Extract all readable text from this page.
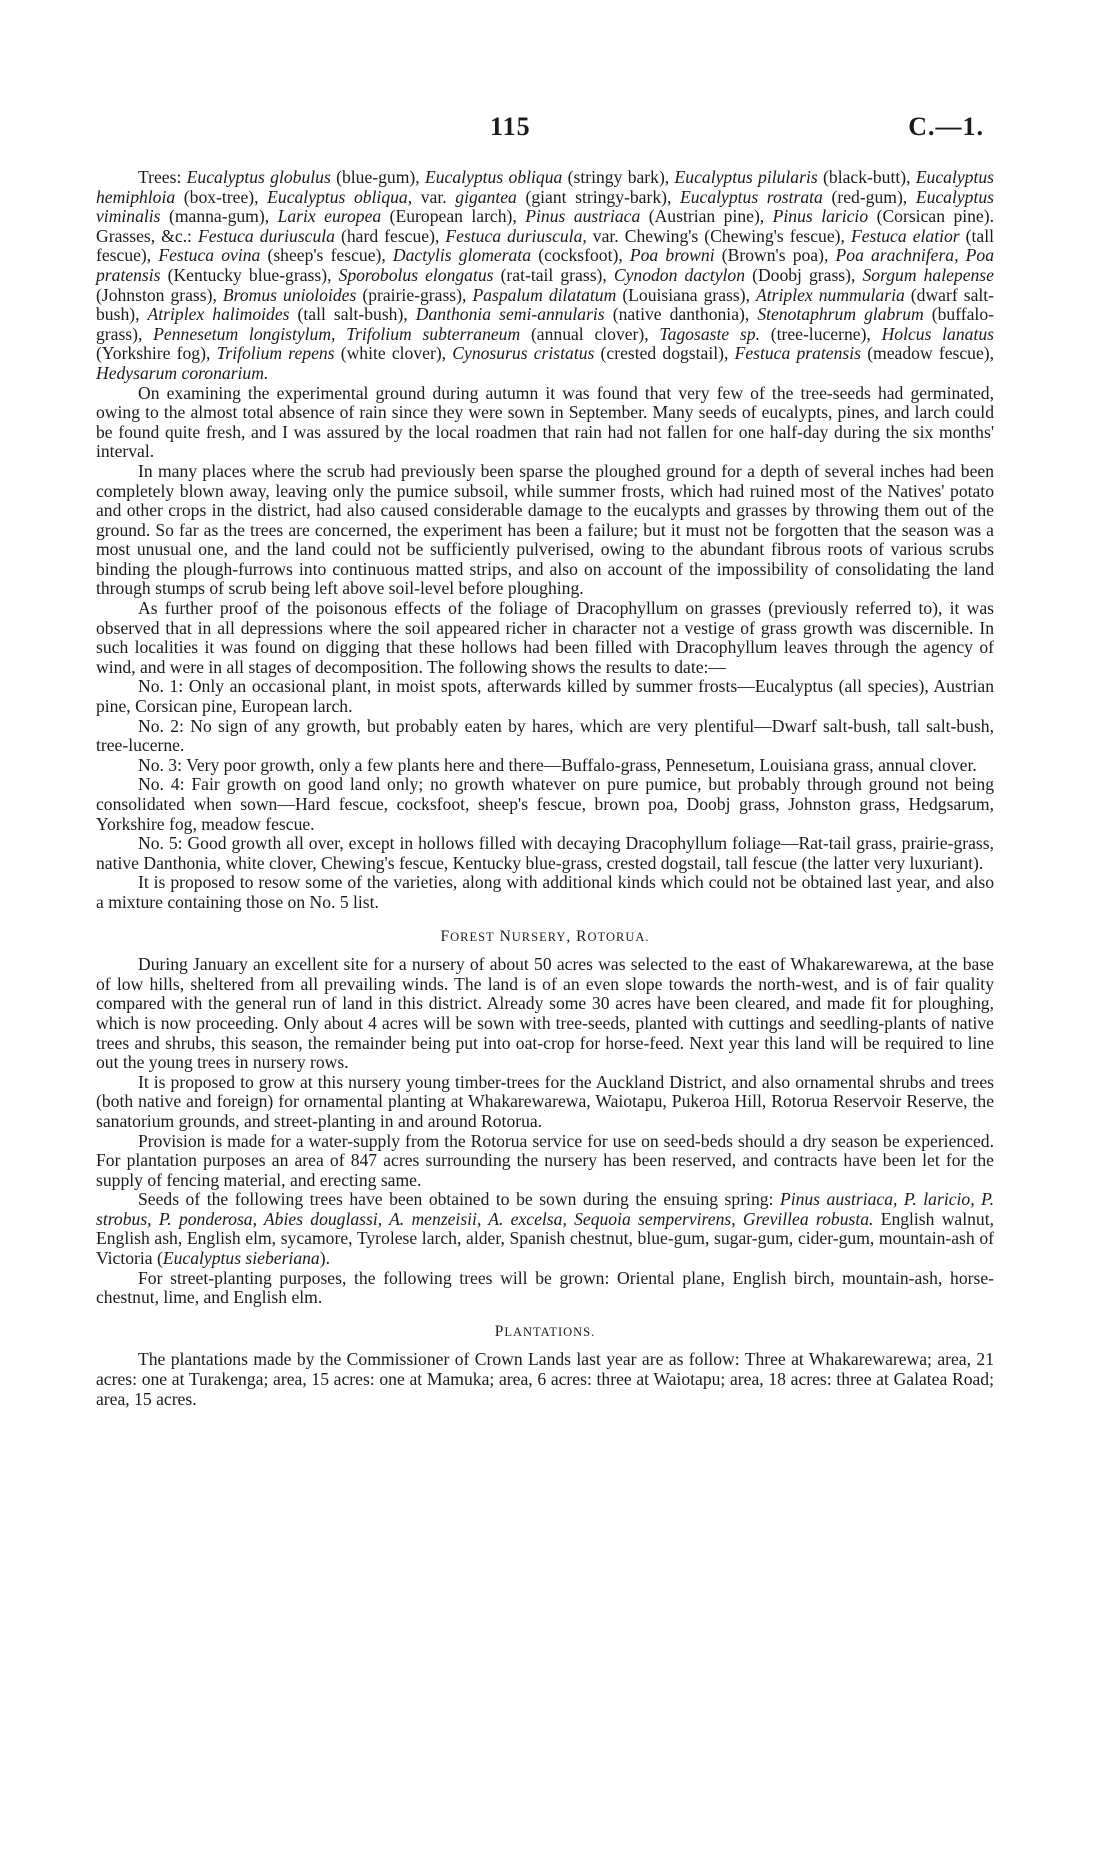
115	C.—1.

Trees: Eucalyptus globulus (blue-gum), Eucalyptus obliqua (stringy bark), Eucalyptus pilularis (black-butt), Eucalyptus hemiphloia (box-tree), Eucalyptus obliqua, var. gigantea (giant stringy-bark), Eucalyptus rostrata (red-gum), Eucalyptus viminalis (manna-gum), Larix europea (European larch), Pinus austriaca (Austrian pine), Pinus laricio (Corsican pine). Grasses, &c.: Festuca duriuscula (hard fescue), Festuca duriuscula, var. Chewing's (Chewing's fescue), Festuca elatior (tall fescue), Festuca ovina (sheep's fescue), Dactylis glomerata (cocksfoot), Poa browni (Brown's poa), Poa arachnifera, Poa pratensis (Kentucky blue-grass), Sporobolus elongatus (rat-tail grass), Cynodon dactylon (Doobj grass), Sorgum halepense (Johnston grass), Bromus unioloides (prairie-grass), Paspalum dilatatum (Louisiana grass), Atriplex nummularia (dwarf salt-bush), Atriplex halimoides (tall salt-bush), Danthonia semi-annularis (native danthonia), Stenotaphrum glabrum (buffalo-grass), Pennesetum longistylum, Trifolium subterraneum (annual clover), Tagosaste sp. (tree-lucerne), Holcus lanatus (Yorkshire fog), Trifolium repens (white clover), Cynosurus cristatus (crested dogstail), Festuca pratensis (meadow fescue), Hedysarum coronarium.

On examining the experimental ground during autumn it was found that very few of the tree-seeds had germinated, owing to the almost total absence of rain since they were sown in September. Many seeds of eucalypts, pines, and larch could be found quite fresh, and I was assured by the local roadmen that rain had not fallen for one half-day during the six months' interval.

In many places where the scrub had previously been sparse the ploughed ground for a depth of several inches had been completely blown away, leaving only the pumice subsoil, while summer frosts, which had ruined most of the Natives' potato and other crops in the district, had also caused considerable damage to the eucalypts and grasses by throwing them out of the ground. So far as the trees are concerned, the experiment has been a failure; but it must not be forgotten that the season was a most unusual one, and the land could not be sufficiently pulverised, owing to the abundant fibrous roots of various scrubs binding the plough-furrows into continuous matted strips, and also on account of the impossibility of consolidating the land through stumps of scrub being left above soil-level before ploughing.

As further proof of the poisonous effects of the foliage of Dracophyllum on grasses (previously referred to), it was observed that in all depressions where the soil appeared richer in character not a vestige of grass growth was discernible. In such localities it was found on digging that these hollows had been filled with Dracophyllum leaves through the agency of wind, and were in all stages of decomposition. The following shows the results to date:—

No. 1: Only an occasional plant, in moist spots, afterwards killed by summer frosts—Eucalyptus (all species), Austrian pine, Corsican pine, European larch.

No. 2: No sign of any growth, but probably eaten by hares, which are very plentiful—Dwarf salt-bush, tall salt-bush, tree-lucerne.

No. 3: Very poor growth, only a few plants here and there—Buffalo-grass, Pennesetum, Louisiana grass, annual clover.

No. 4: Fair growth on good land only; no growth whatever on pure pumice, but probably through ground not being consolidated when sown—Hard fescue, cocksfoot, sheep's fescue, brown poa, Doobj grass, Johnston grass, Hedgsarum, Yorkshire fog, meadow fescue.

No. 5: Good growth all over, except in hollows filled with decaying Dracophyllum foliage—Rat-tail grass, prairie-grass, native Danthonia, white clover, Chewing's fescue, Kentucky blue-grass, crested dogstail, tall fescue (the latter very luxuriant).

It is proposed to resow some of the varieties, along with additional kinds which could not be obtained last year, and also a mixture containing those on No. 5 list.

FOREST NURSERY, ROTORUA.

During January an excellent site for a nursery of about 50 acres was selected to the east of Whakarewarewa, at the base of low hills, sheltered from all prevailing winds. The land is of an even slope towards the north-west, and is of fair quality compared with the general run of land in this district. Already some 30 acres have been cleared, and made fit for ploughing, which is now proceeding. Only about 4 acres will be sown with tree-seeds, planted with cuttings and seedling-plants of native trees and shrubs, this season, the remainder being put into oat-crop for horse-feed. Next year this land will be required to line out the young trees in nursery rows.

It is proposed to grow at this nursery young timber-trees for the Auckland District, and also ornamental shrubs and trees (both native and foreign) for ornamental planting at Whakarewarewa, Waiotapu, Pukeroa Hill, Rotorua Reservoir Reserve, the sanatorium grounds, and street-planting in and around Rotorua.

Provision is made for a water-supply from the Rotorua service for use on seed-beds should a dry season be experienced. For plantation purposes an area of 847 acres surrounding the nursery has been reserved, and contracts have been let for the supply of fencing material, and erecting same.

Seeds of the following trees have been obtained to be sown during the ensuing spring: Pinus austriaca, P. laricio, P. strobus, P. ponderosa, Abies douglassi, A. menzeisii, A. excelsa, Sequoia sempervirens, Grevillea robusta. English walnut, English ash, English elm, sycamore, Tyrolese larch, alder, Spanish chestnut, blue-gum, sugar-gum, cider-gum, mountain-ash of Victoria (Eucalyptus sieberiana).

For street-planting purposes, the following trees will be grown: Oriental plane, English birch, mountain-ash, horse-chestnut, lime, and English elm.

PLANTATIONS.

The plantations made by the Commissioner of Crown Lands last year are as follow: Three at Whakarewarewa; area, 21 acres: one at Turakenga; area, 15 acres: one at Mamuka; area, 6 acres: three at Waiotapu; area, 18 acres: three at Galatea Road; area, 15 acres.
